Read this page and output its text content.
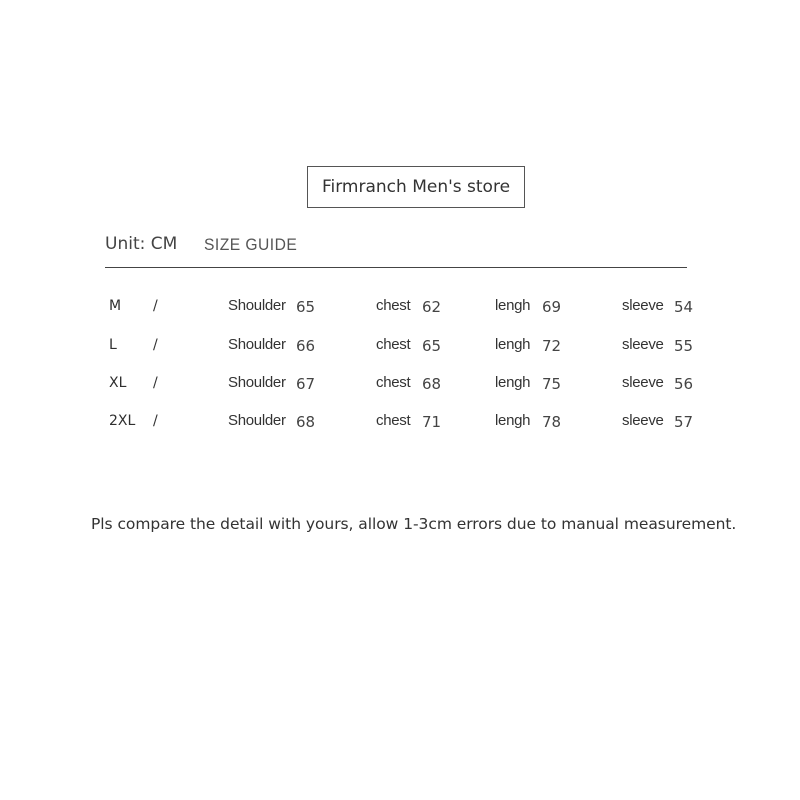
Firmranch Men's store
Unit: CM SIZE GUIDE
M /	Shoulder 65	chest 62	lengh 69	sleeve 54
L	/	Shoulder 66	chest 65	lengh 72	sleeve 55
XL /	Shoulder 67	chest 68	lengh 75	sleeve 56
2XL /	Shoulder 68	chest 71	lengh 78	sleeve 57
Pls compare the detail with yours, allow 1-3cm errors due to manual measurement.
